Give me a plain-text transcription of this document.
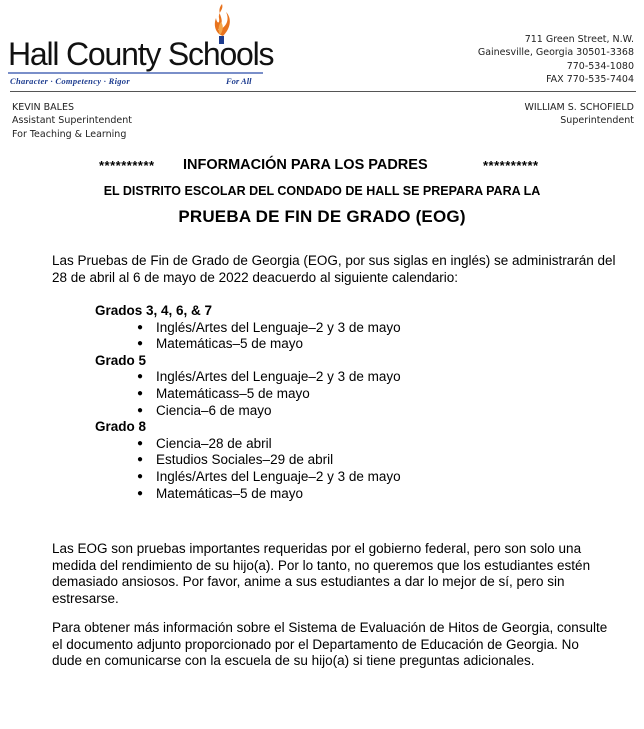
Hall County Schools
Character · Competency · Rigor	For All
711 Green Street, N.W.
Gainesville, Georgia 30501-3368
770-534-1080
FAX 770-535-7404
KEVIN BALES
Assistant Superintendent
For Teaching & Learning
WILLIAM S. SCHOFIELD
Superintendent
********** INFORMACIÓN PARA LOS PADRES	**********
EL DISTRITO ESCOLAR DEL CONDADO DE HALL SE PREPARA PARA LA
PRUEBA DE FIN DE GRADO (EOG)
Las Pruebas de Fin de Grado de Georgia (EOG, por sus siglas en inglés) se administrarán del 28 de abril al 6 de mayo de 2022 deacuerdo al siguiente calendario:
Grados 3, 4, 6, & 7
● Inglés/Artes del Lenguaje–2 y 3 de mayo
● Matemáticas–5 de mayo
Grado 5
● Inglés/Artes del Lenguaje–2 y 3 de mayo
● Matemáticass–5 de mayo
● Ciencia–6 de mayo
Grado 8
● Ciencia–28 de abril
● Estudios Sociales–29 de abril
● Inglés/Artes del Lenguaje–2 y 3 de mayo
● Matemáticas–5 de mayo
Las EOG son pruebas importantes requeridas por el gobierno federal, pero son solo una medida del rendimiento de su hijo(a). Por lo tanto, no queremos que los estudiantes estén demasiado ansiosos. Por favor, anime a sus estudiantes a dar lo mejor de sí, pero sin estresarse.
Para obtener más información sobre el Sistema de Evaluación de Hitos de Georgia, consulte el documento adjunto proporcionado por el Departamento de Educación de Georgia. No dude en comunicarse con la escuela de su hijo(a) si tiene preguntas adicionales.
